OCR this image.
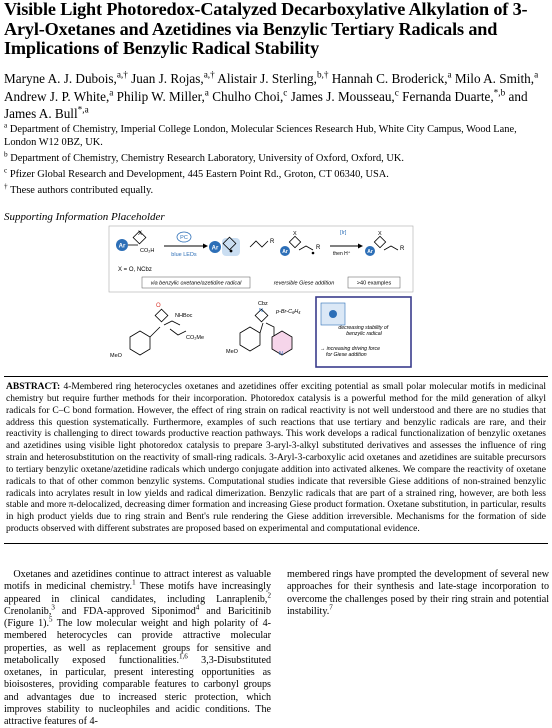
Visible Light Photoredox-Catalyzed Decarboxylative Alkylation of 3-Aryl-Oxetanes and Azetidines via Benzylic Tertiary Radicals and Implications of Benzylic Radical Stability
Maryne A. J. Dubois,$^{a,\dagger}$ Juan J. Rojas,$^{a,\dagger}$ Alistair J. Sterling,$^{b,\dagger}$ Hannah C. Broderick,$^a$ Milo A. Smith,$^a$ Andrew J. P. White,$^a$ Philip W. Miller,$^a$ Chulho Choi,$^c$ James J. Mousseau,$^c$ Fernanda Duarte,$^{*,b}$ and James A. Bull$^{*,a}$
$^a$ Department of Chemistry, Imperial College London, Molecular Sciences Research Hub, White City Campus, Wood Lane, London W12 0BZ, UK.
$^b$ Department of Chemistry, Chemistry Research Laboratory, University of Oxford, Oxford, UK.
$^c$ Pfizer Global Research and Development, 445 Eastern Point Rd., Groton, CT 06340, USA.
† These authors contributed equally.
Supporting Information Placeholder
Ar
X
CO₂H
X = O, NCbz
PC
blue LEDs
Ar
R
Ar
X
R
[Ir]
then H⁺	Ar
X
R
via benzylic oxetane/azetidine radical	reversible Giese addition	>40 examples
O
NHBoc
CO₂Me
MeO
Cbz
N p-Br-C₆H₄
N
MeO
decreasing stability of benzylic radical
→ increasing driving force for Giese addition
ABSTRACT: 4-Membered ring heterocycles oxetanes and azetidines offer exciting potential as small polar molecular motifs in medicinal chemistry but require further methods for their incorporation. Photoredox catalysis is a powerful method for the mild generation of alkyl radicals for C–C bond formation. However, the effect of ring strain on radical reactivity is not well understood and there are no studies that address this question systematically. Furthermore, examples of such reactions that use tertiary and benzylic radicals are rare, and their reactivity is challenging to direct towards productive reaction pathways. This work develops a radical functionalization of benzylic oxetanes and azetidines using visible light photoredox catalysis to prepare 3-aryl-3-alkyl substituted derivatives and assesses the influence of ring strain and heterosubstitution on the reactivity of small-ring radicals. 3-Aryl-3-carboxylic acid oxetanes and azetidines are suitable precursors to tertiary benzylic oxetane/azetidine radicals which undergo conjugate addition into activated alkenes. We compare the reactivity of oxetane radicals to that of other common benzylic systems. Computational studies indicate that reversible Giese additions of non-strained benzylic radicals into acrylates result in low yields and radical dimerization. Benzylic radicals that are part of a strained ring, however, are both less stable and more π-delocalized, decreasing dimer formation and increasing Giese product formation. Oxetane substitution, in particular, results in high product yields due to ring strain and Bent's rule rendering the Giese addition irreversible. Mechanisms for the formation of side products observed with different substrates are proposed based on experimental and computational evidence.
Oxetanes and azetidines continue to attract interest as valuable motifs in medicinal chemistry.$^1$ These motifs have increasingly appeared in clinical candidates, including Lanraplenib,$^2$ Crenolanib,$^3$ and FDA-approved Siponimod$^4$ and Baricitinib (Figure 1).$^5$ The low molecular weight and high polarity of 4-membered heterocycles can provide attractive molecular properties, as well as replacement groups for sensitive and metabolically exposed functionalities.$^{1,6}$ 3,3-Disubstituted oxetanes, in particular, present interesting opportunities as bioisosteres, providing comparable features to carbonyl groups and advantages due to increased steric protection, which improves stability to nucleophiles and acidic conditions. The attractive features of 4-
membered rings have prompted the development of several new approaches for their synthesis and late-stage incorporation to overcome the challenges posed by their ring strain and potential instability.$^7$
